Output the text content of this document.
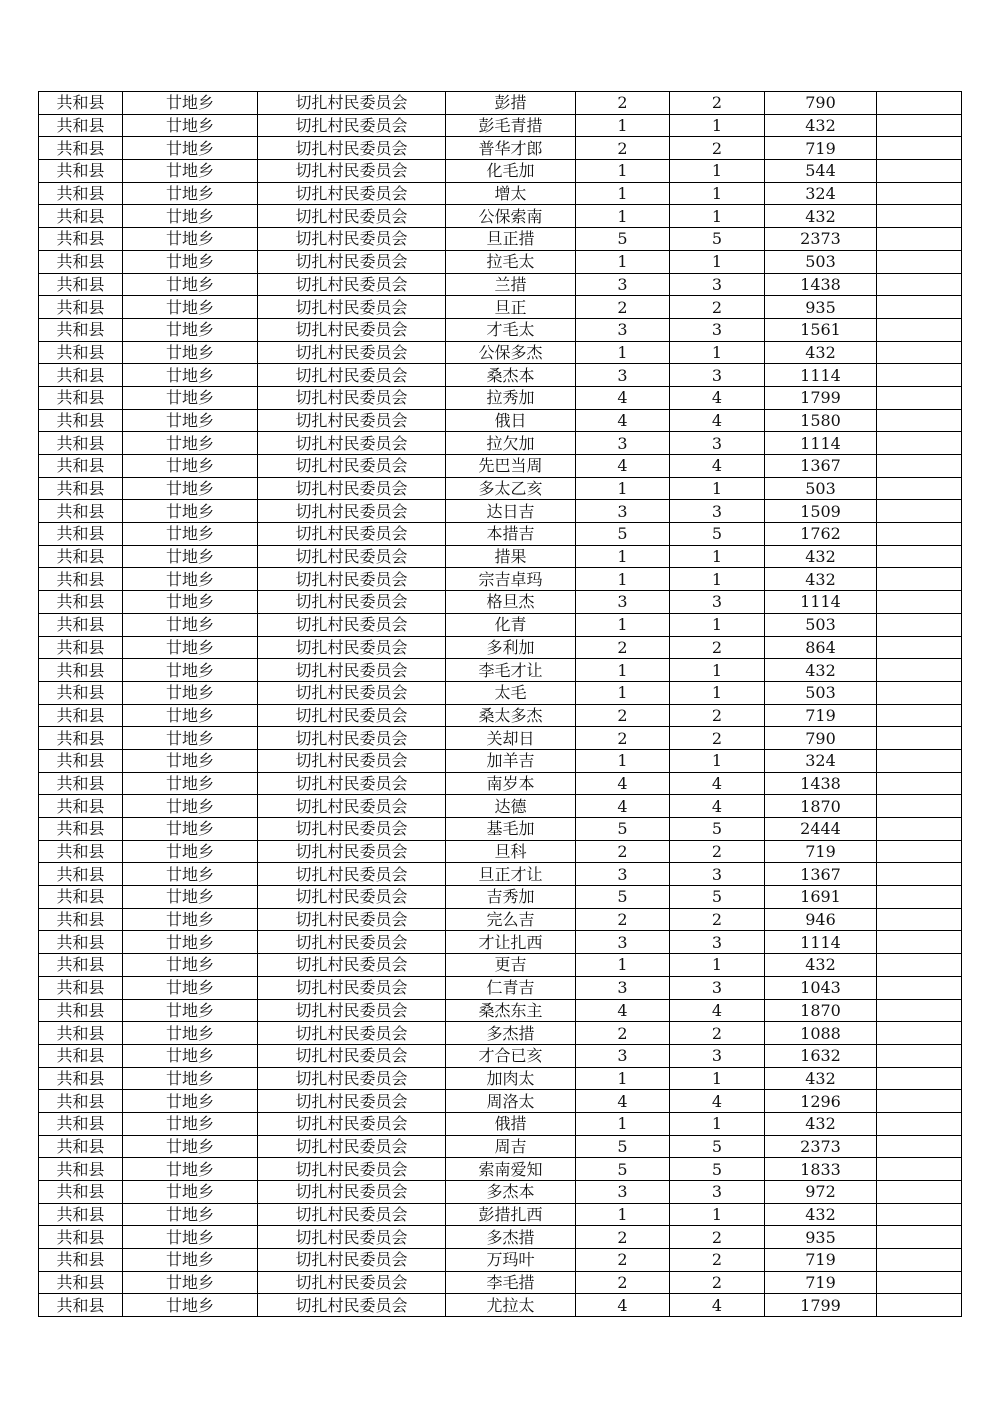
共和县	廿地乡	切扎村民委员会	彭措	2	2	790	
共和县	廿地乡	切扎村民委员会	彭毛青措	1	1	432	
共和县	廿地乡	切扎村民委员会	普华才郎	2	2	719	
共和县	廿地乡	切扎村民委员会	化毛加	1	1	544	
共和县	廿地乡	切扎村民委员会	增太	1	1	324	
共和县	廿地乡	切扎村民委员会	公保索南	1	1	432	
共和县	廿地乡	切扎村民委员会	旦正措	5	5	2373	
共和县	廿地乡	切扎村民委员会	拉毛太	1	1	503	
共和县	廿地乡	切扎村民委员会	兰措	3	3	1438	
共和县	廿地乡	切扎村民委员会	旦正	2	2	935	
共和县	廿地乡	切扎村民委员会	才毛太	3	3	1561	
共和县	廿地乡	切扎村民委员会	公保多杰	1	1	432	
共和县	廿地乡	切扎村民委员会	桑杰本	3	3	1114	
共和县	廿地乡	切扎村民委员会	拉秀加	4	4	1799	
共和县	廿地乡	切扎村民委员会	俄日	4	4	1580	
共和县	廿地乡	切扎村民委员会	拉欠加	3	3	1114	
共和县	廿地乡	切扎村民委员会	先巴当周	4	4	1367	
共和县	廿地乡	切扎村民委员会	多太乙亥	1	1	503	
共和县	廿地乡	切扎村民委员会	达日吉	3	3	1509	
共和县	廿地乡	切扎村民委员会	本措吉	5	5	1762	
共和县	廿地乡	切扎村民委员会	措果	1	1	432	
共和县	廿地乡	切扎村民委员会	宗吉卓玛	1	1	432	
共和县	廿地乡	切扎村民委员会	格旦杰	3	3	1114	
共和县	廿地乡	切扎村民委员会	化青	1	1	503	
共和县	廿地乡	切扎村民委员会	多利加	2	2	864	
共和县	廿地乡	切扎村民委员会	李毛才让	1	1	432	
共和县	廿地乡	切扎村民委员会	太毛	1	1	503	
共和县	廿地乡	切扎村民委员会	桑太多杰	2	2	719	
共和县	廿地乡	切扎村民委员会	关却日	2	2	790	
共和县	廿地乡	切扎村民委员会	加羊吉	1	1	324	
共和县	廿地乡	切扎村民委员会	南岁本	4	4	1438	
共和县	廿地乡	切扎村民委员会	达德	4	4	1870	
共和县	廿地乡	切扎村民委员会	基毛加	5	5	2444	
共和县	廿地乡	切扎村民委员会	旦科	2	2	719	
共和县	廿地乡	切扎村民委员会	旦正才让	3	3	1367	
共和县	廿地乡	切扎村民委员会	吉秀加	5	5	1691	
共和县	廿地乡	切扎村民委员会	完么吉	2	2	946	
共和县	廿地乡	切扎村民委员会	才让扎西	3	3	1114	
共和县	廿地乡	切扎村民委员会	更吉	1	1	432	
共和县	廿地乡	切扎村民委员会	仁青吉	3	3	1043	
共和县	廿地乡	切扎村民委员会	桑杰东主	4	4	1870	
共和县	廿地乡	切扎村民委员会	多杰措	2	2	1088	
共和县	廿地乡	切扎村民委员会	才合已亥	3	3	1632	
共和县	廿地乡	切扎村民委员会	加肉太	1	1	432	
共和县	廿地乡	切扎村民委员会	周洛太	4	4	1296	
共和县	廿地乡	切扎村民委员会	俄措	1	1	432	
共和县	廿地乡	切扎村民委员会	周吉	5	5	2373	
共和县	廿地乡	切扎村民委员会	索南爱知	5	5	1833	
共和县	廿地乡	切扎村民委员会	多杰本	3	3	972	
共和县	廿地乡	切扎村民委员会	彭措扎西	1	1	432	
共和县	廿地乡	切扎村民委员会	多杰措	2	2	935	
共和县	廿地乡	切扎村民委员会	万玛叶	2	2	719	
共和县	廿地乡	切扎村民委员会	李毛措	2	2	719	
共和县	廿地乡	切扎村民委员会	尤拉太	4	4	1799	
